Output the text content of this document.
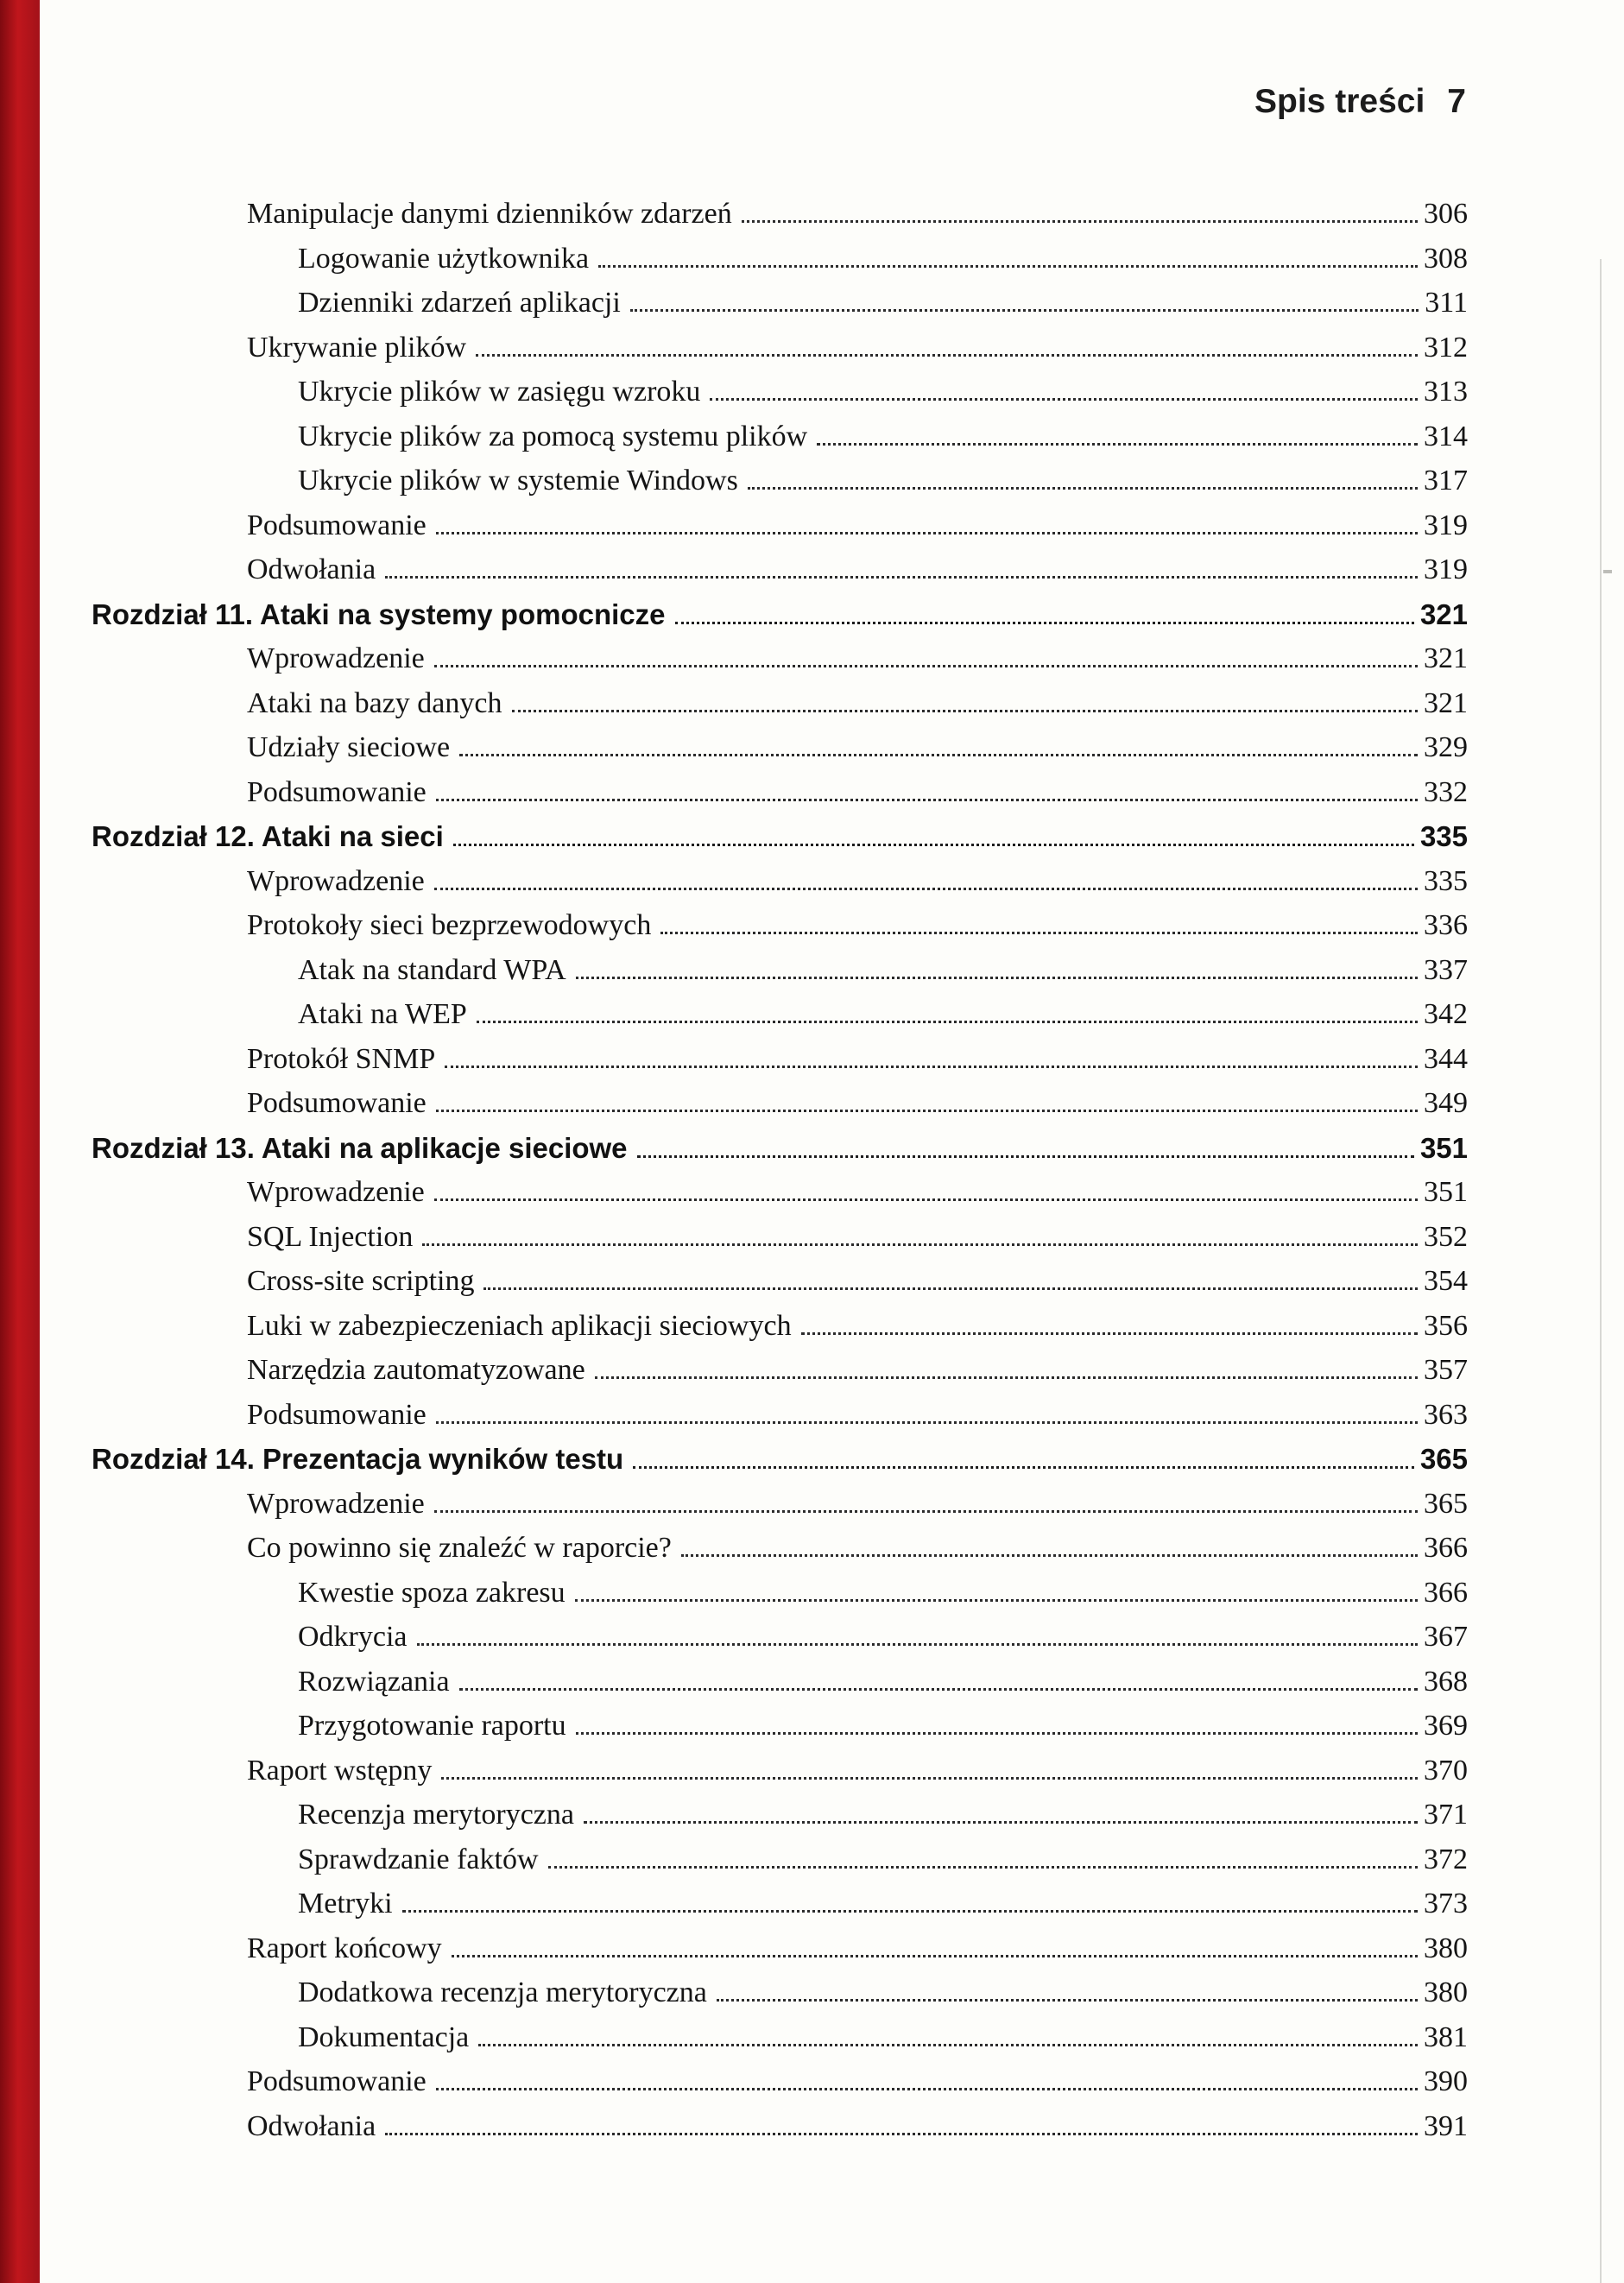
Spis treści 7
Manipulacje danymi dzienników zdarzeń	306
Logowanie użytkownika	308
Dzienniki zdarzeń aplikacji	311
Ukrywanie plików	312
Ukrycie plików w zasięgu wzroku	313
Ukrycie plików za pomocą systemu plików	314
Ukrycie plików w systemie Windows	317
Podsumowanie	319
Odwołania	319
Rozdział 11. Ataki na systemy pomocnicze	321
Wprowadzenie	321
Ataki na bazy danych	321
Udziały sieciowe	329
Podsumowanie	332
Rozdział 12. Ataki na sieci	335
Wprowadzenie	335
Protokoły sieci bezprzewodowych	336
Atak na standard WPA	337
Ataki na WEP	342
Protokół SNMP	344
Podsumowanie	349
Rozdział 13. Ataki na aplikacje sieciowe	351
Wprowadzenie	351
SQL Injection	352
Cross-site scripting	354
Luki w zabezpieczeniach aplikacji sieciowych	356
Narzędzia zautomatyzowane	357
Podsumowanie	363
Rozdział 14. Prezentacja wyników testu	365
Wprowadzenie	365
Co powinno się znaleźć w raporcie?	366
Kwestie spoza zakresu	366
Odkrycia	367
Rozwiązania	368
Przygotowanie raportu	369
Raport wstępny	370
Recenzja merytoryczna	371
Sprawdzanie faktów	372
Metryki	373
Raport końcowy	380
Dodatkowa recenzja merytoryczna	380
Dokumentacja	381
Podsumowanie	390
Odwołania	391
